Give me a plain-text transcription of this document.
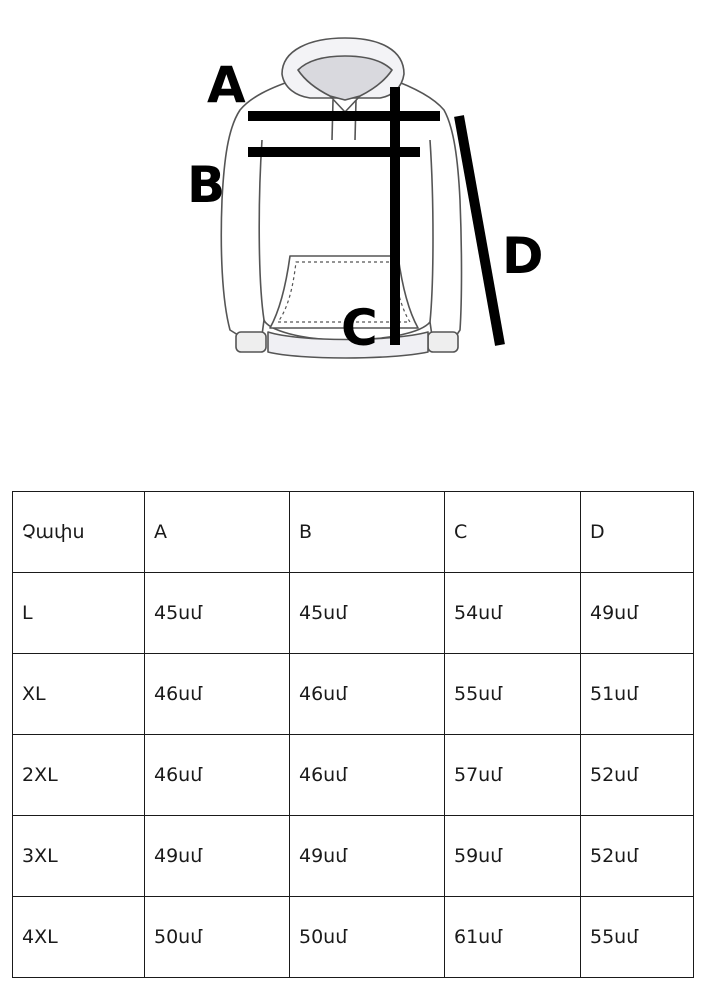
A
B
C
D
Չափս	A	B	C	D
L	45սմ	45սմ	54սմ	49սմ
XL	46սմ	46սմ	55սմ	51սմ
2XL	46սմ	46սմ	57սմ	52սմ
3XL	49սմ	49սմ	59սմ	52սմ
4XL	50սմ	50սմ	61սմ	55սմ
